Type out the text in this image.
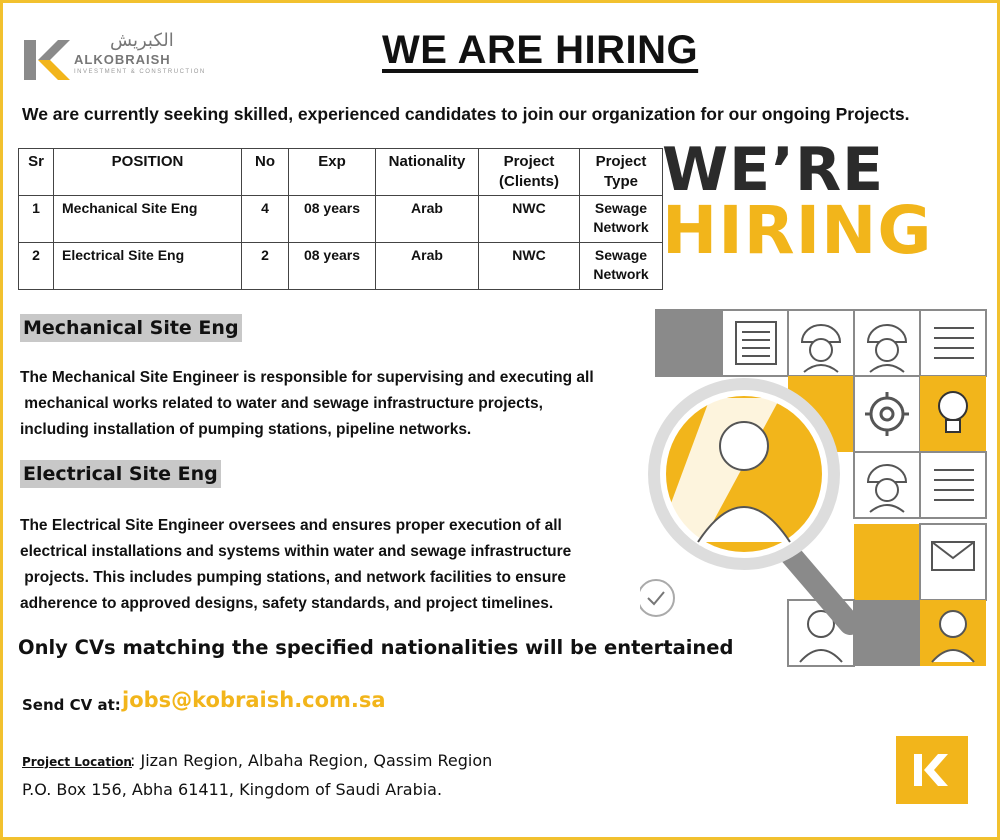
الكبريش
ALKOBRAISH
INVESTMENT & CONSTRUCTION	WE ARE HIRING
We are currently seeking skilled, experienced candidates to join our organization for our ongoing Projects.
Sr	POSITION	No	Exp	Nationality	Project (Clients)	Project Type
1	Mechanical Site Eng	4	08 years	Arab	NWC	Sewage Network
2	Electrical Site Eng	2	08 years	Arab	NWC	Sewage Network
Mechanical Site Eng
The Mechanical Site Engineer is responsible for supervising and executing all
mechanical works related to water and sewage infrastructure projects,
including installation of pumping stations, pipeline networks.
Electrical Site Eng
The Electrical Site Engineer oversees and ensures proper execution of all
electrical installations and systems within water and sewage infrastructure
projects. This includes pumping stations, and network facilities to ensure
adherence to approved designs, safety standards, and project timelines.
Only CVs matching the specified nationalities will be entertained
Send CV at: jobs@kobraish.com.sa
Project Location
: Jizan Region, Albaha Region, Qassim Region
P.O. Box 156, Abha 61411, Kingdom of Saudi Arabia.
WE’RE
HIRING
